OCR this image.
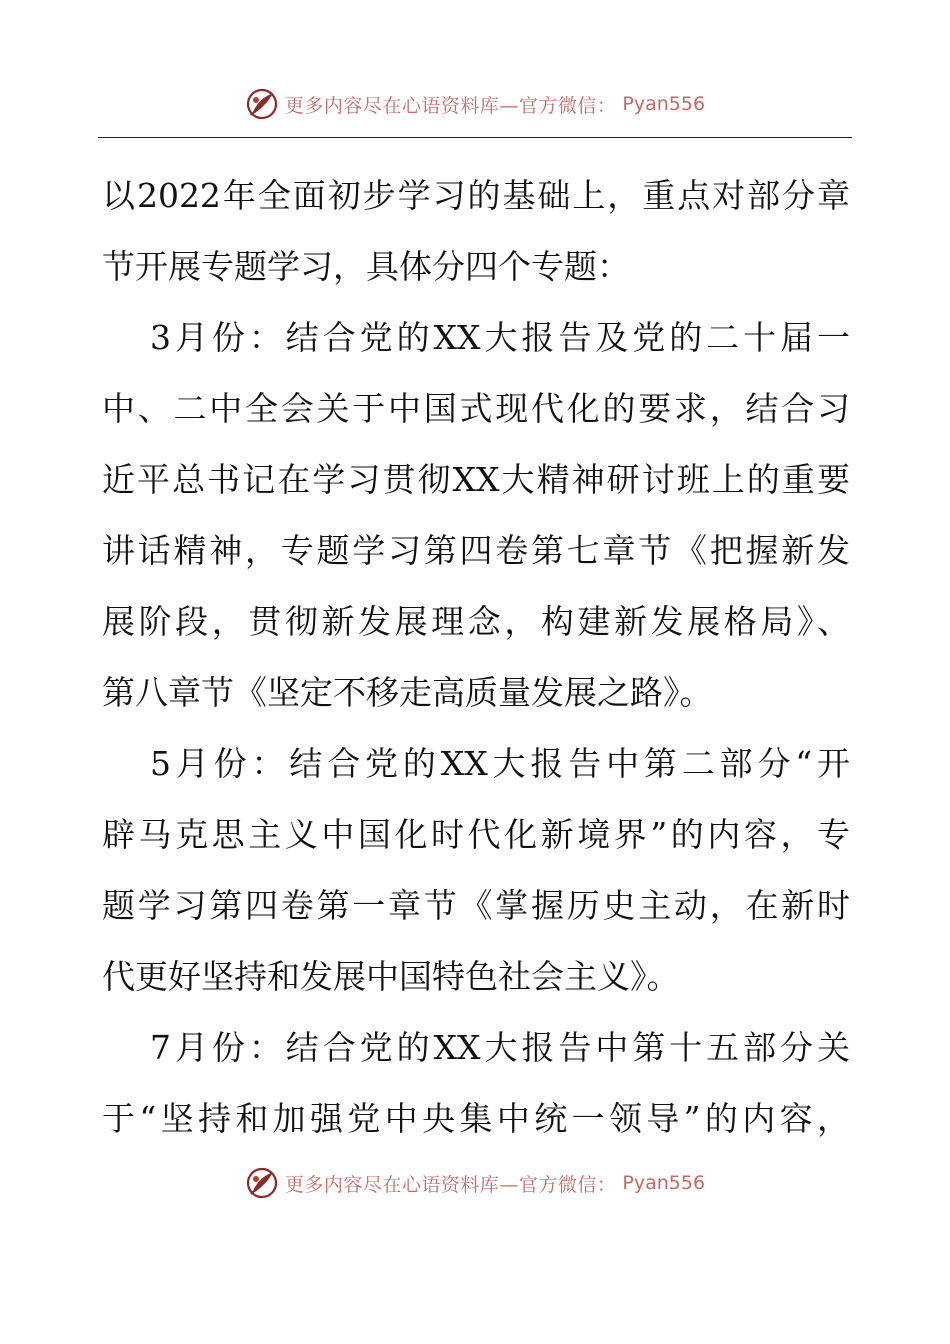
更多内容尽在心语资料库—官方微信： Pyan556
以2022年全面初步学习的基础上，重点对部分章
节开展专题学习，具体分四个专题：
3月份：结合党的XX大报告及党的二十届一
中、二中全会关于中国式现代化的要求，结合习
近平总书记在学习贯彻XX大精神研讨班上的重要
讲话精神，专题学习第四卷第七章节《把握新发
展阶段，贯彻新发展理念，构建新发展格局》、
第八章节《坚定不移走高质量发展之路》。
5月份：结合党的XX大报告中第二部分“开
辟马克思主义中国化时代化新境界”的内容，专
题学习第四卷第一章节《掌握历史主动，在新时
代更好坚持和发展中国特色社会主义》。
7月份：结合党的XX大报告中第十五部分关
于“坚持和加强党中央集中统一领导”的内容，
更多内容尽在心语资料库—官方微信： Pyan556
